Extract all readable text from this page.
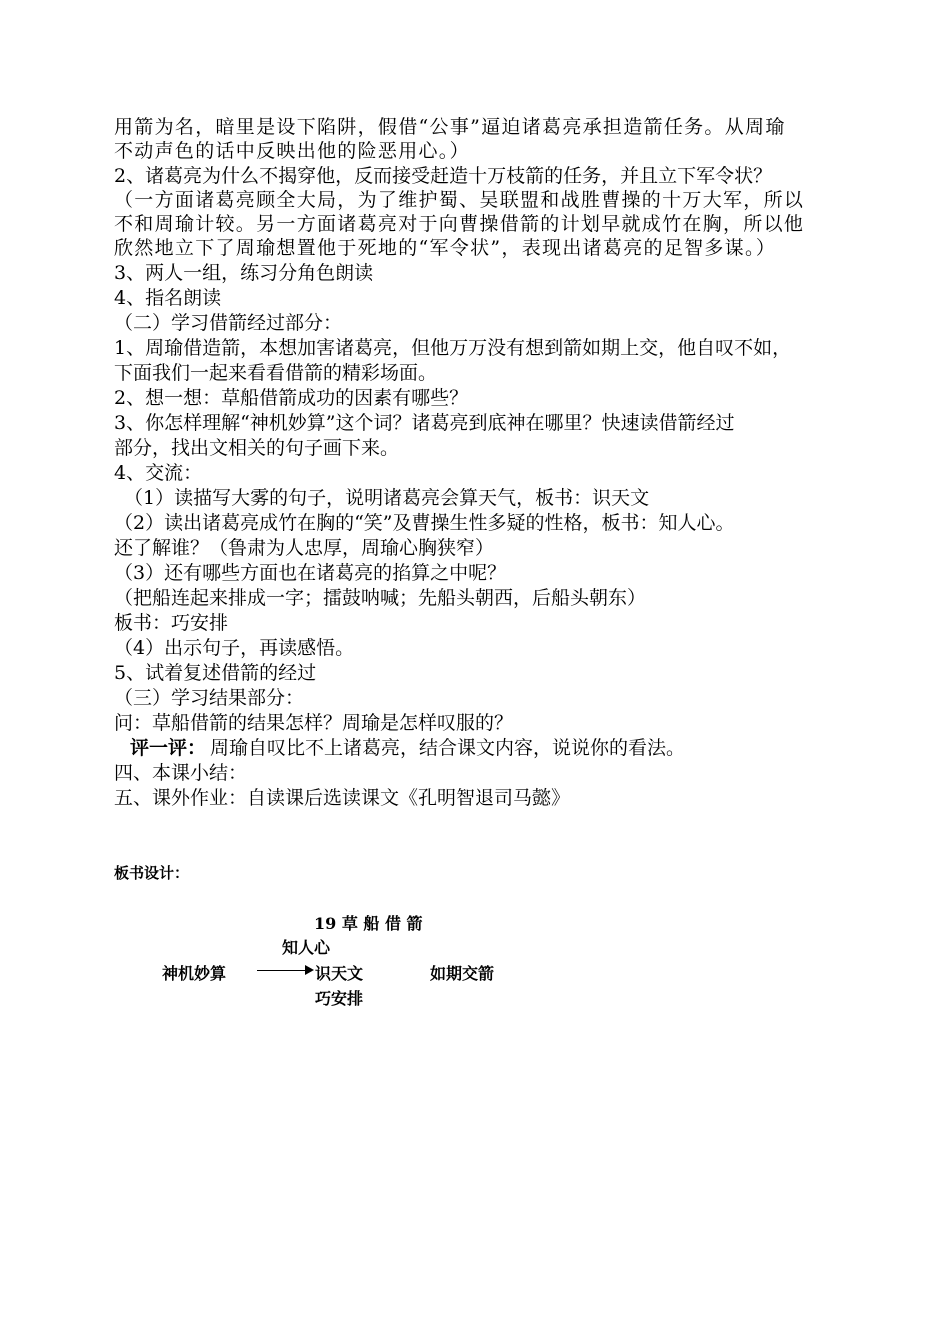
用箭为名，暗里是设下陷阱，假借“公事”逼迫诸葛亮承担造箭任务。从周瑜
不动声色的话中反映出他的险恶用心。）
2、诸葛亮为什么不揭穿他，反而接受赶造十万枝箭的任务，并且立下军令状？
（一方面诸葛亮顾全大局，为了维护蜀、吴联盟和战胜曹操的十万大军，所以
不和周瑜计较。另一方面诸葛亮对于向曹操借箭的计划早就成竹在胸，所以他
欣然地立下了周瑜想置他于死地的“军令状”，表现出诸葛亮的足智多谋。）
3、两人一组，练习分角色朗读
4、指名朗读
（二）学习借箭经过部分：
1、周瑜借造箭，本想加害诸葛亮，但他万万没有想到箭如期上交，他自叹不如，
下面我们一起来看看借箭的精彩场面。
2、想一想：草船借箭成功的因素有哪些？
3、你怎样理解“神机妙算”这个词？诸葛亮到底神在哪里？快速读借箭经过
部分，找出文相关的句子画下来。
4、交流：
（1）读描写大雾的句子，说明诸葛亮会算天气，板书：识天文
（2）读出诸葛亮成竹在胸的“笑”及曹操生性多疑的性格，板书：知人心。
还了解谁？（鲁肃为人忠厚，周瑜心胸狭窄）
（3）还有哪些方面也在诸葛亮的掐算之中呢？
（把船连起来排成一字；擂鼓呐喊；先船头朝西，后船头朝东）
板书：巧安排
（4）出示句子，再读感悟。
5、试着复述借箭的经过
（三）学习结果部分：
问：草船借箭的结果怎样？周瑜是怎样叹服的？
评一评： 周瑜自叹比不上诸葛亮，结合课文内容，说说你的看法。
四、本课小结：
五、课外作业：自读课后选读课文《孔明智退司马懿》
板书设计：
19 草 船 借 箭
知人心
神机妙算	识天文	如期交箭
巧安排
